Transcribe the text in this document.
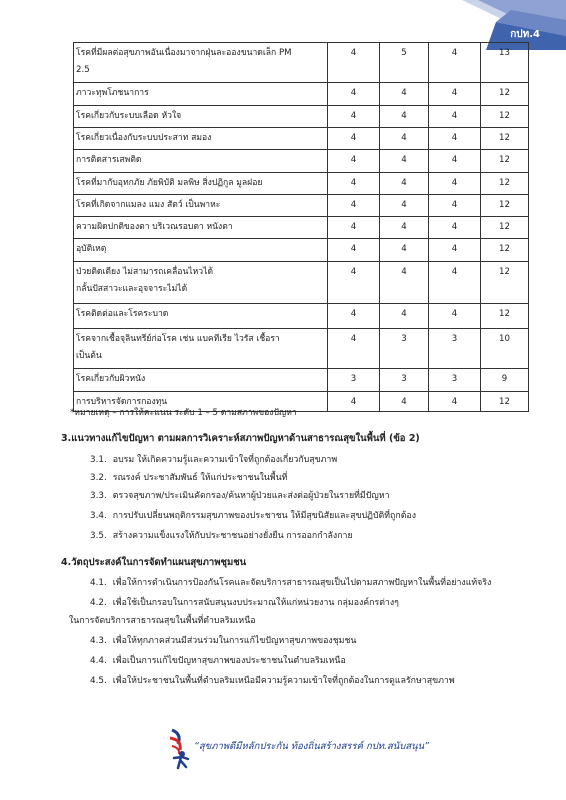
กปท.4
โรคที่มีผลต่อสุขภาพอันเนื่องมาจากฝุ่นละอองขนาดเล็ก PM
2.5	4	5	4	13

ภาวะทุพโภชนาการ	4	4	4	12

โรคเกี่ยวกับระบบเลือด หัวใจ	4	4	4	12

โรคเกี่ยวเนื่องกับระบบประสาท สมอง	4	4	4	12

การติดสารเสพติด	4	4	4	12

โรคที่มากับอุทกภัย ภัยพิบัติ มลพิษ สิ่งปฏิกูล มูลฝอย	4	4	4	12

โรคที่เกิดจากแมลง แมง สัตว์ เป็นพาหะ	4	4	4	12

ความผิดปกติของตา บริเวณรอบตา หนังตา	4	4	4	12

อุบัติเหตุ	4	4	4	12

ป่วยติดเตียง ไม่สามารถเคลื่อนไหวได้
กลั้นปัสสาวะและอุจจาระไม่ได้	4	4	4	12

โรคติดต่อและโรคระบาด	4	4	4	12

โรคจากเชื้อจุลินทรีย์ก่อโรค เช่น แบคทีเรีย ไวรัส เชื้อรา
เป็นต้น	4	3	3	10

โรคเกี่ยวกับผิวหนัง	3	3	3	9

การบริหารจัดการกองทุน	4	4	4	12
*หมายเหตุ – การให้คะแนน ระดับ 1 – 5 ตามสภาพของปัญหา
3.แนวทางแก้ไขปัญหา ตามผลการวิเคราะห์สภาพปัญหาด้านสาธารณสุขในพื้นที่ (ข้อ 2)
3.1. อบรม ให้เกิดความรู้และความเข้าใจที่ถูกต้องเกี่ยวกับสุขภาพ
3.2. รณรงค์ ประชาสัมพันธ์ ให้แก่ประชาชนในพื้นที่
3.3. ตรวจสุขภาพ/ประเมินคัดกรอง/ค้นหาผู้ป่วยและส่งต่อผู้ป่วยในรายที่มีปัญหา
3.4. การปรับเปลี่ยนพฤติกรรมสุขภาพของประชาชน ให้มีสุขนิสัยและสุขปฏิบัติที่ถูกต้อง
3.5. สร้างความแข็งแรงให้กับประชาชนอย่างยั่งยืน การออกกำลังกาย
4.วัตถุประสงค์ในการจัดทำแผนสุขภาพชุมชน
4.1. เพื่อให้การดำเนินการป้องกันโรคและจัดบริการสาธารณสุขเป็นไปตามสภาพปัญหาในพื้นที่อย่างแท้จริง
4.2. เพื่อใช้เป็นกรอบในการสนับสนุนงบประมาณให้แก่หน่วยงาน กลุ่มองค์กรต่างๆ
ในการจัดบริการสาธารณสุขในพื้นที่ตำบลริมเหนือ
4.3. เพื่อให้ทุกภาคส่วนมีส่วนร่วมในการแก้ไขปัญหาสุขภาพของชุมชน
4.4. เพื่อเป็นการแก้ไขปัญหาสุขภาพของประชาชนในตำบลริมเหนือ
4.5. เพื่อให้ประชาชนในพื้นที่ตำบลริมเหนือมีความรู้ความเข้าใจที่ถูกต้องในการดูแลรักษาสุขภาพ
“สุขภาพดีมีหลักประกัน ท้องถิ่นสร้างสรรค์ กปท.สนับสนุน”
